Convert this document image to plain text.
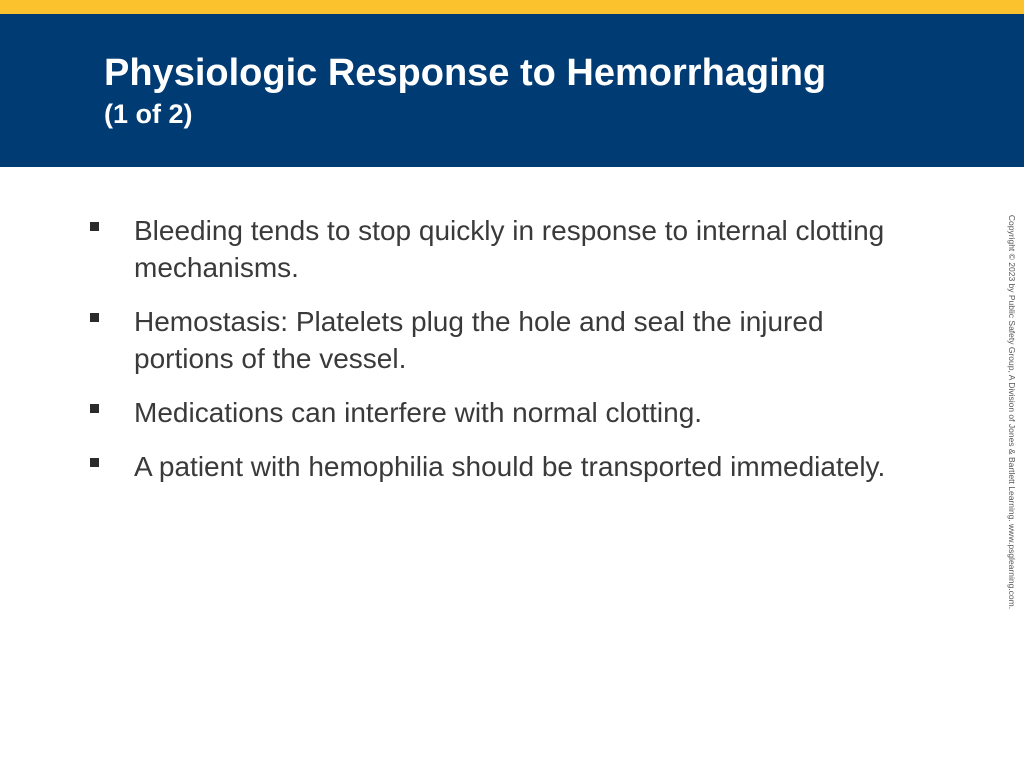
Physiologic Response to Hemorrhaging
(1 of 2)
Bleeding tends to stop quickly in response to internal clotting mechanisms.
Hemostasis: Platelets plug the hole and seal the injured portions of the vessel.
Medications can interfere with normal clotting.
A patient with hemophilia should be transported immediately.	Copyright © 2023 by Public Safety Group, A Division of Jones & Bartlett Learning. www.psglearning.com.
